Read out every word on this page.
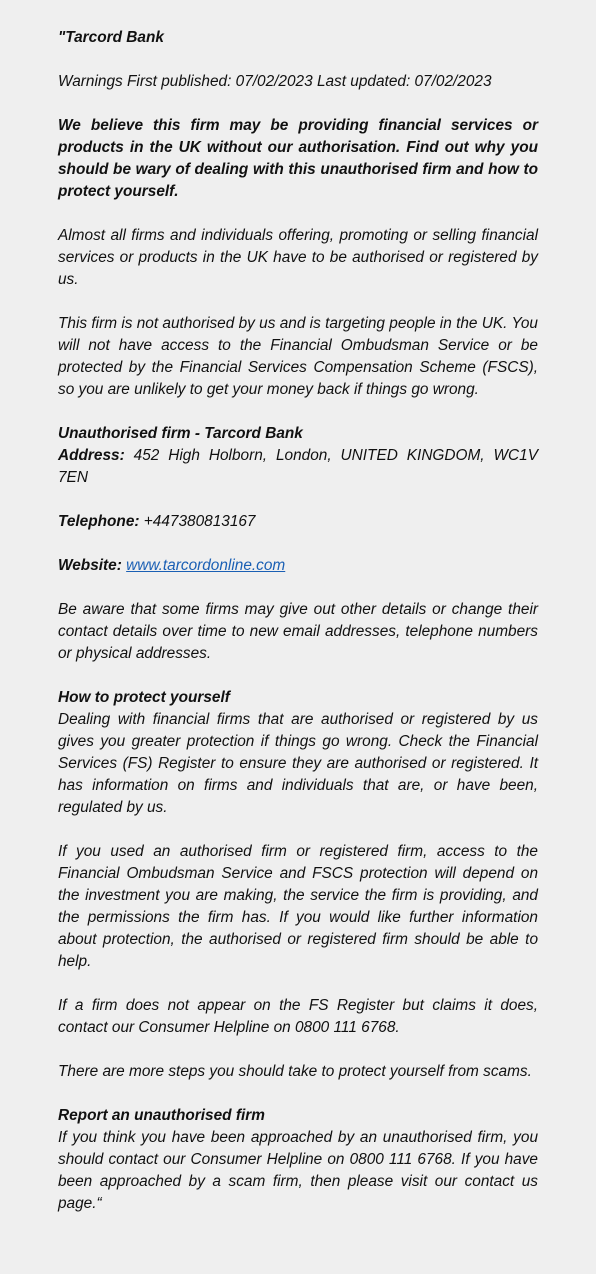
"Tarcord Bank

Warnings First published: 07/02/2023 Last updated: 07/02/2023

We believe this firm may be providing financial services or products in the UK without our authorisation. Find out why you should be wary of dealing with this unauthorised firm and how to protect yourself.

Almost all firms and individuals offering, promoting or selling financial services or products in the UK have to be authorised or registered by us.

This firm is not authorised by us and is targeting people in the UK. You will not have access to the Financial Ombudsman Service or be protected by the Financial Services Compensation Scheme (FSCS), so you are unlikely to get your money back if things go wrong.

Unauthorised firm - Tarcord Bank
Address: 452 High Holborn, London, UNITED KINGDOM, WC1V 7EN

Telephone: +447380813167

Website: www.tarcordonline.com

Be aware that some firms may give out other details or change their contact details over time to new email addresses, telephone numbers or physical addresses.

How to protect yourself
Dealing with financial firms that are authorised or registered by us gives you greater protection if things go wrong. Check the Financial Services (FS) Register to ensure they are authorised or registered. It has information on firms and individuals that are, or have been, regulated by us.

If you used an authorised firm or registered firm, access to the Financial Ombudsman Service and FSCS protection will depend on the investment you are making, the service the firm is providing, and the permissions the firm has. If you would like further information about protection, the authorised or registered firm should be able to help.

If a firm does not appear on the FS Register but claims it does, contact our Consumer Helpline on 0800 111 6768.

There are more steps you should take to protect yourself from scams.

Report an unauthorised firm
If you think you have been approached by an unauthorised firm, you should contact our Consumer Helpline on 0800 111 6768. If you have been approached by a scam firm, then please visit our contact us page.“
